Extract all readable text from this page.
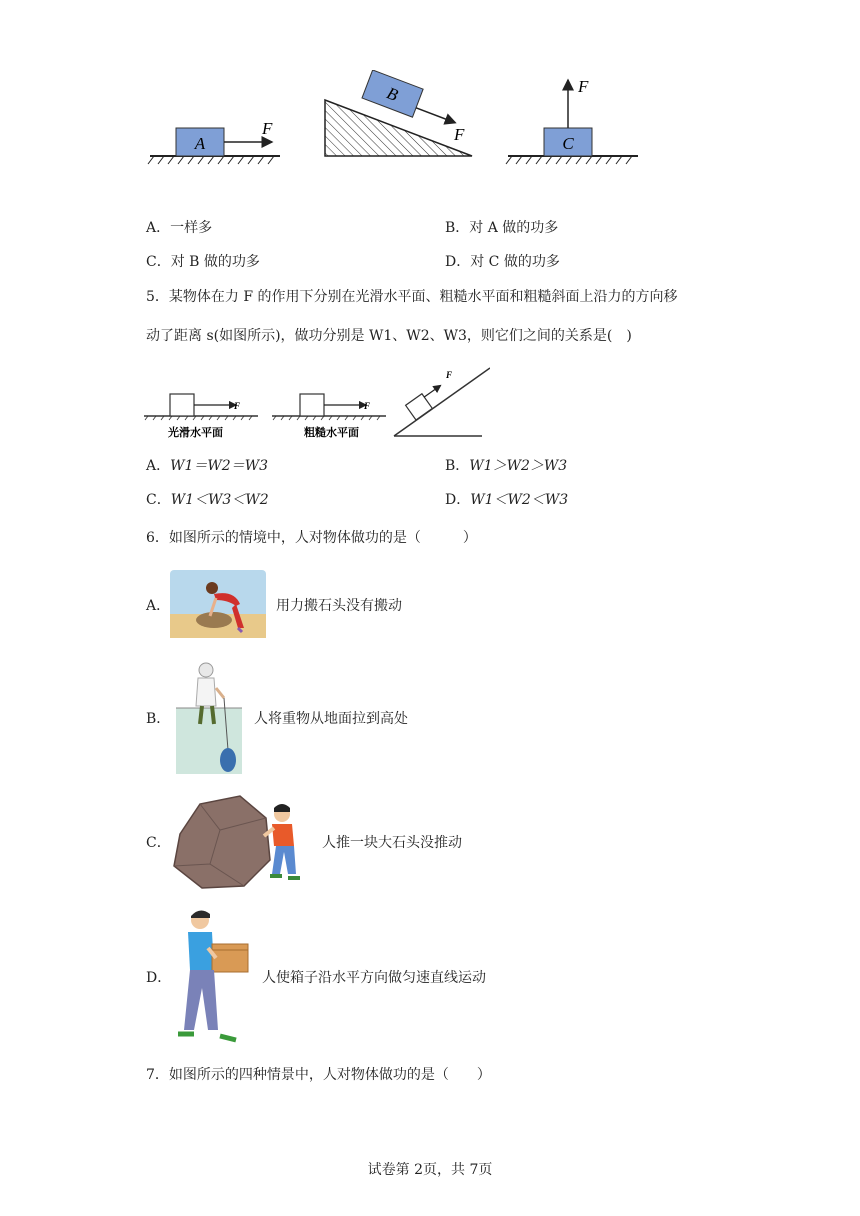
A
F
B
F	C
F
A．一样多	B．对 A 做的功多
C．对 B 做的功多	D．对 C 做的功多
5．某物体在力 F 的作用下分别在光滑水平面、粗糙水平面和粗糙斜面上沿力的方向移
动了距离 s(如图所示)，做功分别是 W1、W2、W3，则它们之间的关系是(　)
F
光滑水平面
F
粗糙水平面
F
A．W1＝W2＝W3	B．W1＞W2＞W3
C．W1＜W3＜W2	D．W1＜W2＜W3
6．如图所示的情境中，人对物体做功的是（　　　）
A．	用力搬石头没有搬动
B．	人将重物从地面拉到高处
C．	人推一块大石头没推动
D．	人使箱子沿水平方向做匀速直线运动
7．如图所示的四种情景中，人对物体做功的是（　　）
试卷第 2页，共 7页
